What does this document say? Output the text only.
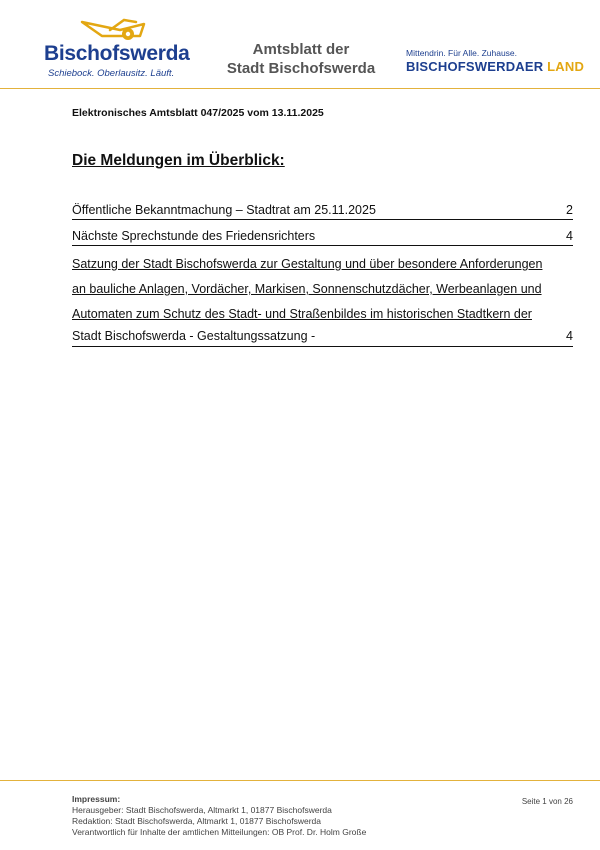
Bischofswerda
Schiebock. Oberlausitz. Läuft.
Amtsblatt der
Stadt Bischofswerda
Mittendrin. Für Alle. Zuhause.
BISCHOFSWERDAER LAND
Elektronisches Amtsblatt 047/2025 vom 13.11.2025
Die Meldungen im Überblick:
Öffentliche Bekanntmachung – Stadtrat am 25.11.2025	2
Nächste Sprechstunde des Friedensrichters	4
Satzung der Stadt Bischofswerda zur Gestaltung und über besondere Anforderungen
an bauliche Anlagen, Vordächer, Markisen, Sonnenschutzdächer, Werbeanlagen und
Automaten zum Schutz des Stadt- und Straßenbildes im historischen Stadtkern der
Stadt Bischofswerda - Gestaltungssatzung -	4
Impressum:
Herausgeber: Stadt Bischofswerda, Altmarkt 1, 01877 Bischofswerda
Redaktion: Stadt Bischofswerda, Altmarkt 1, 01877 Bischofswerda
Verantwortlich für Inhalte der amtlichen Mitteilungen: OB Prof. Dr. Holm Große
Seite 1 von 26
